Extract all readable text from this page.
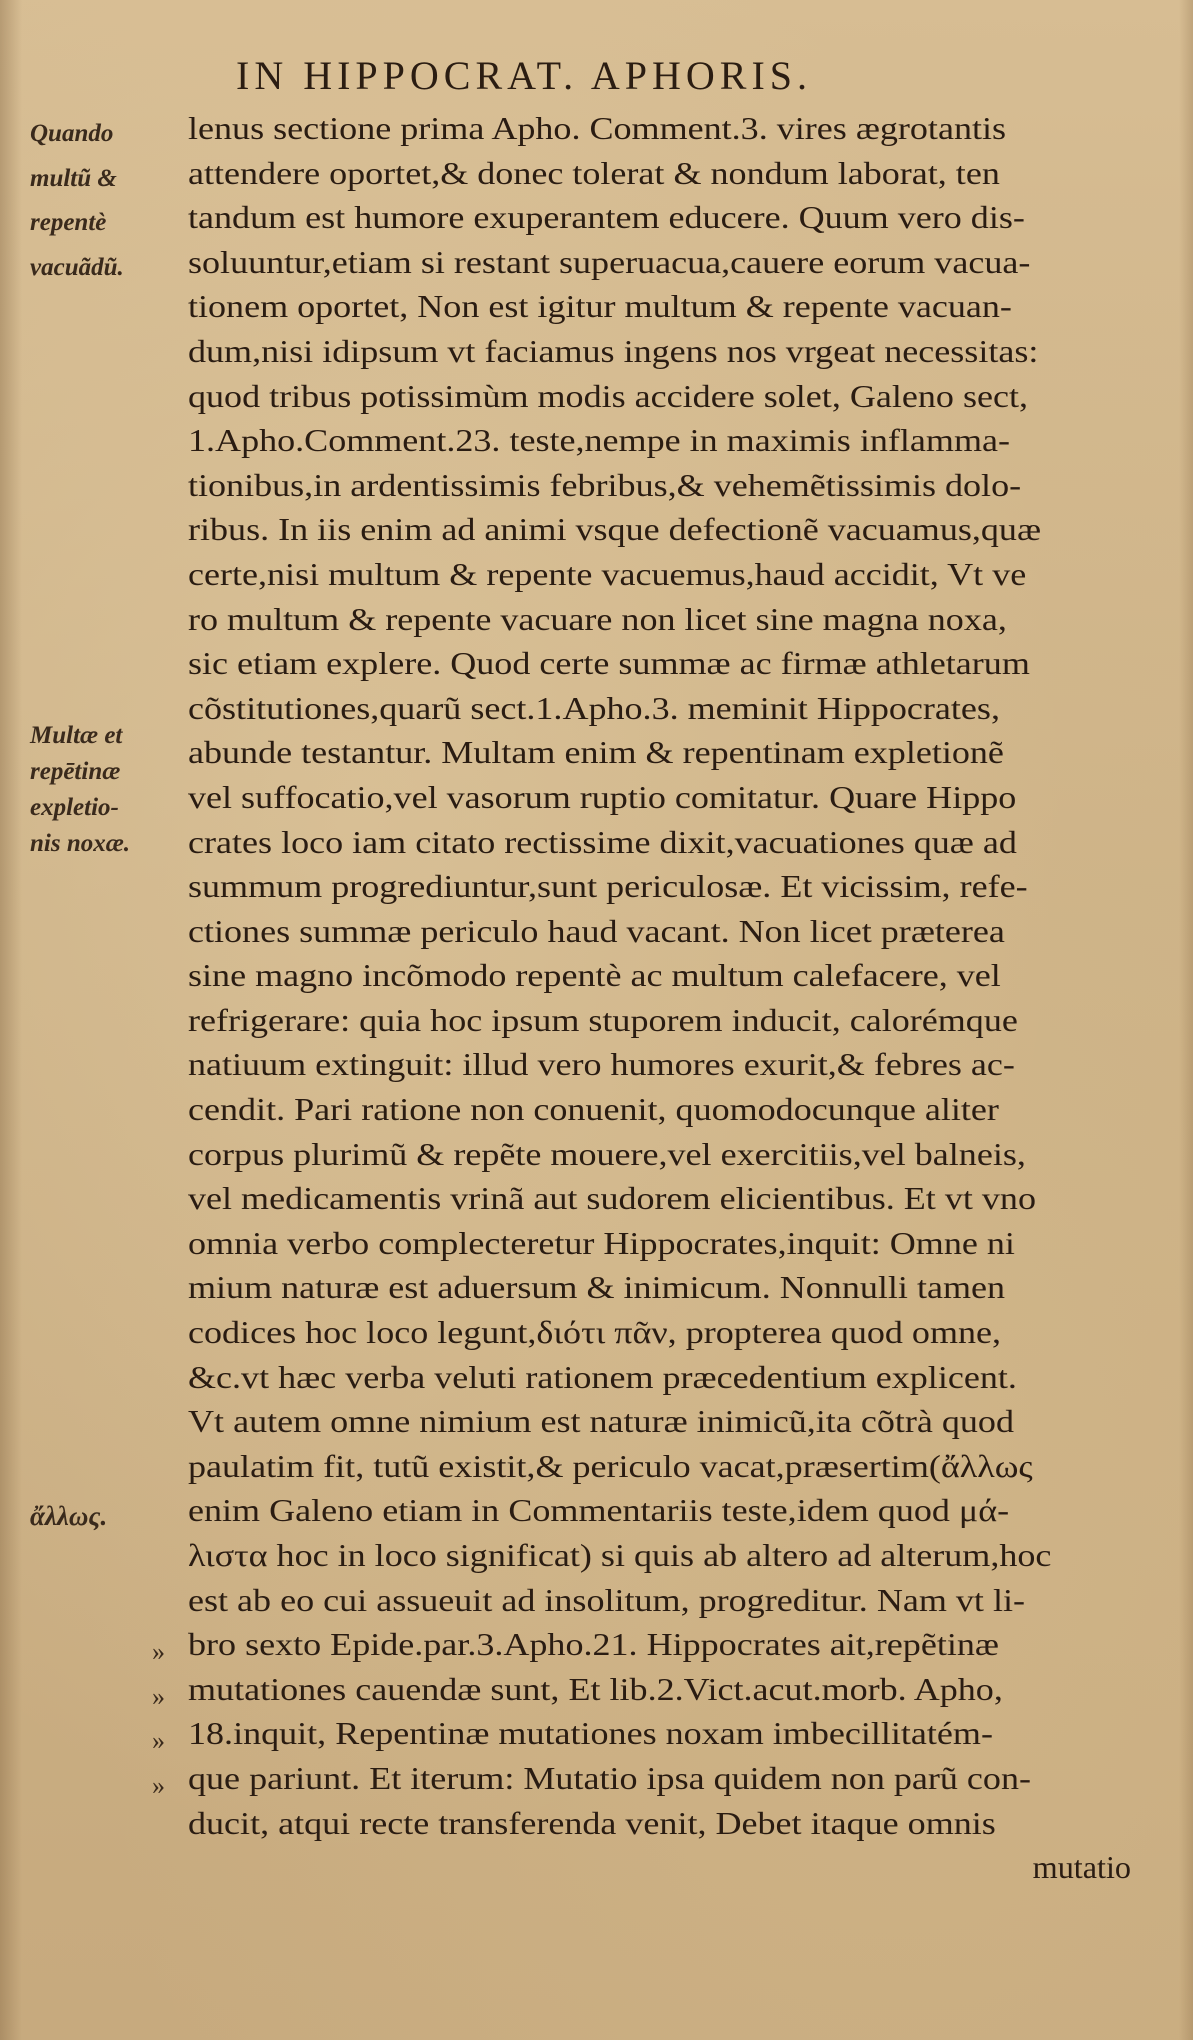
IN HIPPOCRAT. APHORIS.
lenus sectione prima Apho. Comment.3. vires ægrotantis
attendere oportet,& donec tolerat & nondum laborat, ten
tandum est humore exuperantem educere. Quum vero dis-
soluuntur,etiam si restant superuacua,cauere eorum vacua-
tionem oportet, Non est igitur multum & repente vacuan-
dum,nisi idipsum vt faciamus ingens nos vrgeat necessitas:
quod tribus potissimùm modis accidere solet, Galeno sect,
1.Apho.Comment.23. teste,nempe in maximis inflamma-
tionibus,in ardentissimis febribus,& vehemẽtissimis dolo-
ribus. In iis enim ad animi vsque defectionẽ vacuamus,quæ
certe,nisi multum & repente vacuemus,haud accidit, Vt ve
ro multum & repente vacuare non licet sine magna noxa,
sic etiam explere. Quod certe summæ ac firmæ athletarum
cõstitutiones,quarũ sect.1.Apho.3. meminit Hippocrates,
abunde testantur. Multam enim & repentinam expletionẽ
vel suffocatio,vel vasorum ruptio comitatur. Quare Hippo
crates loco iam citato rectissime dixit,vacuationes quæ ad
summum progrediuntur,sunt periculosæ. Et vicissim, refe-
ctiones summæ periculo haud vacant. Non licet præterea
sine magno incõmodo repentè ac multum calefacere, vel
refrigerare: quia hoc ipsum stuporem inducit, calorémque
natiuum extinguit: illud vero humores exurit,& febres ac-
cendit. Pari ratione non conuenit, quomodocunque aliter
corpus plurimũ & repẽte mouere,vel exercitiis,vel balneis,
vel medicamentis vrinã aut sudorem elicientibus. Et vt vno
omnia verbo complecteretur Hippocrates,inquit: Omne ni
mium naturæ est aduersum & inimicum. Nonnulli tamen
codices hoc loco legunt,διότι πᾶν, propterea quod omne,
&c.vt hæc verba veluti rationem præcedentium explicent.
Vt autem omne nimium est naturæ inimicũ,ita cõtrà quod
paulatim fit, tutũ existit,& periculo vacat,præsertim(ἄλλως
enim Galeno etiam in Commentariis teste,idem quod μά-
λιστα hoc in loco significat) si quis ab altero ad alterum,hoc
est ab eo cui assueuit ad insolitum, progreditur. Nam vt li-
bro sexto Epide.par.3.Apho.21. Hippocrates ait,repẽtinæ
mutationes cauendæ sunt, Et lib.2.Vict.acut.morb. Apho,
18.inquit, Repentinæ mutationes noxam imbecillitatém-
que pariunt. Et iterum: Mutatio ipsa quidem non parũ con-
ducit, atqui recte transferenda venit, Debet itaque omnis
mutatio
Quando
multũ &
repentè
vacuãdũ.
Multæ et
repētinæ
expletio-
nis noxæ.
ἄλλως.
»
»
»
»
